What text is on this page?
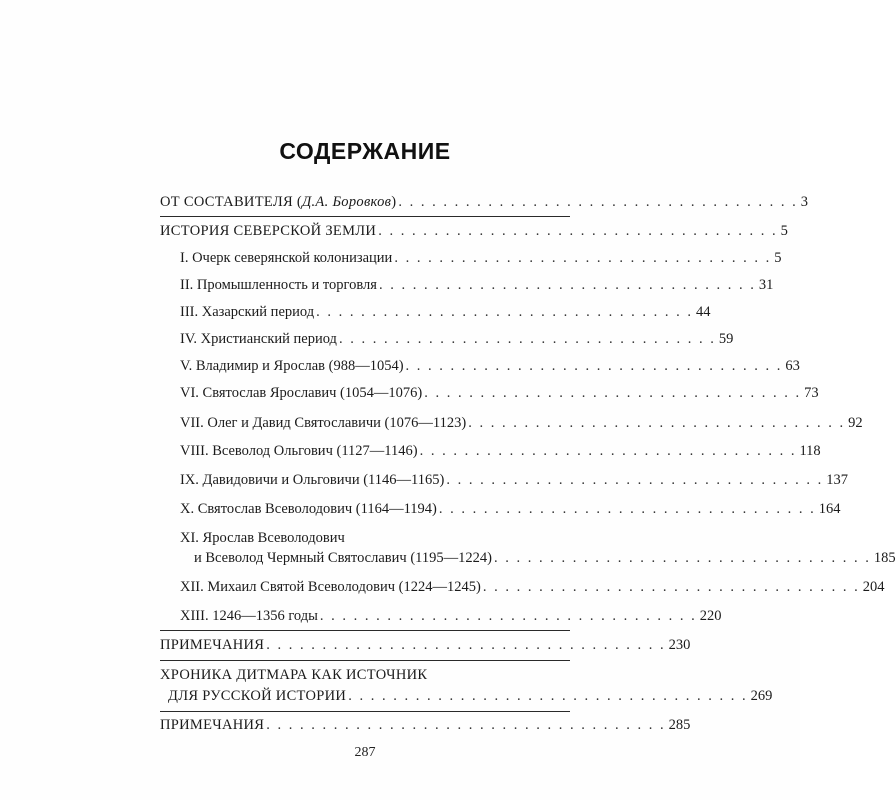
СОДЕРЖАНИЕ
ОТ СОСТАВИТЕЛЯ (Д.А. Боровков) . . . . . . . . . . . . . . . . . . . . . . . . . . . . . . . . . . . . 3
ИСТОРИЯ СЕВЕРСКОЙ ЗЕМЛИ . . . . . . . . . . . . . . . . . . . . . . . . . . . . . . . . . . . . 5
I. Очерк северянской колонизации . . . . . . . . . . . . . . . . . . . . . . . . . . . . . . . . . . 5
II. Промышленность и торговля . . . . . . . . . . . . . . . . . . . . . . . . . . . . . . . . . . 31
III. Хазарский период . . . . . . . . . . . . . . . . . . . . . . . . . . . . . . . . . . 44
IV. Христианский период . . . . . . . . . . . . . . . . . . . . . . . . . . . . . . . . . . 59
V. Владимир и Ярослав (988—1054) . . . . . . . . . . . . . . . . . . . . . . . . . . . . . . . . . . 63
VI. Святослав Ярославич (1054—1076) . . . . . . . . . . . . . . . . . . . . . . . . . . . . . . . . . . 73
VII. Олег и Давид Святославичи (1076—1123) . . . . . . . . . . . . . . . . . . . . . . . . . . . . . . . . . . 92
VIII. Всеволод Ольгович (1127—1146) . . . . . . . . . . . . . . . . . . . . . . . . . . . . . . . . . . 118
IX. Давидовичи и Ольговичи (1146—1165) . . . . . . . . . . . . . . . . . . . . . . . . . . . . . . . . . . 137
X. Святослав Всеволодович (1164—1194) . . . . . . . . . . . . . . . . . . . . . . . . . . . . . . . . . . 164
XI. Ярослав Всеволодович
и Всеволод Чермный Святославич (1195—1224) . . . . . . . . . . . . . . . . . . . . . . . . . . . . . . . . . . 185
XII. Михаил Святой Всеволодович (1224—1245) . . . . . . . . . . . . . . . . . . . . . . . . . . . . . . . . . . 204
XIII. 1246—1356 годы . . . . . . . . . . . . . . . . . . . . . . . . . . . . . . . . . . 220
ПРИМЕЧАНИЯ . . . . . . . . . . . . . . . . . . . . . . . . . . . . . . . . . . . . 230
ХРОНИКА ДИТМАРА КАК ИСТОЧНИК
ДЛЯ РУССКОЙ ИСТОРИИ . . . . . . . . . . . . . . . . . . . . . . . . . . . . . . . . . . . . 269
ПРИМЕЧАНИЯ . . . . . . . . . . . . . . . . . . . . . . . . . . . . . . . . . . . . 285
287
